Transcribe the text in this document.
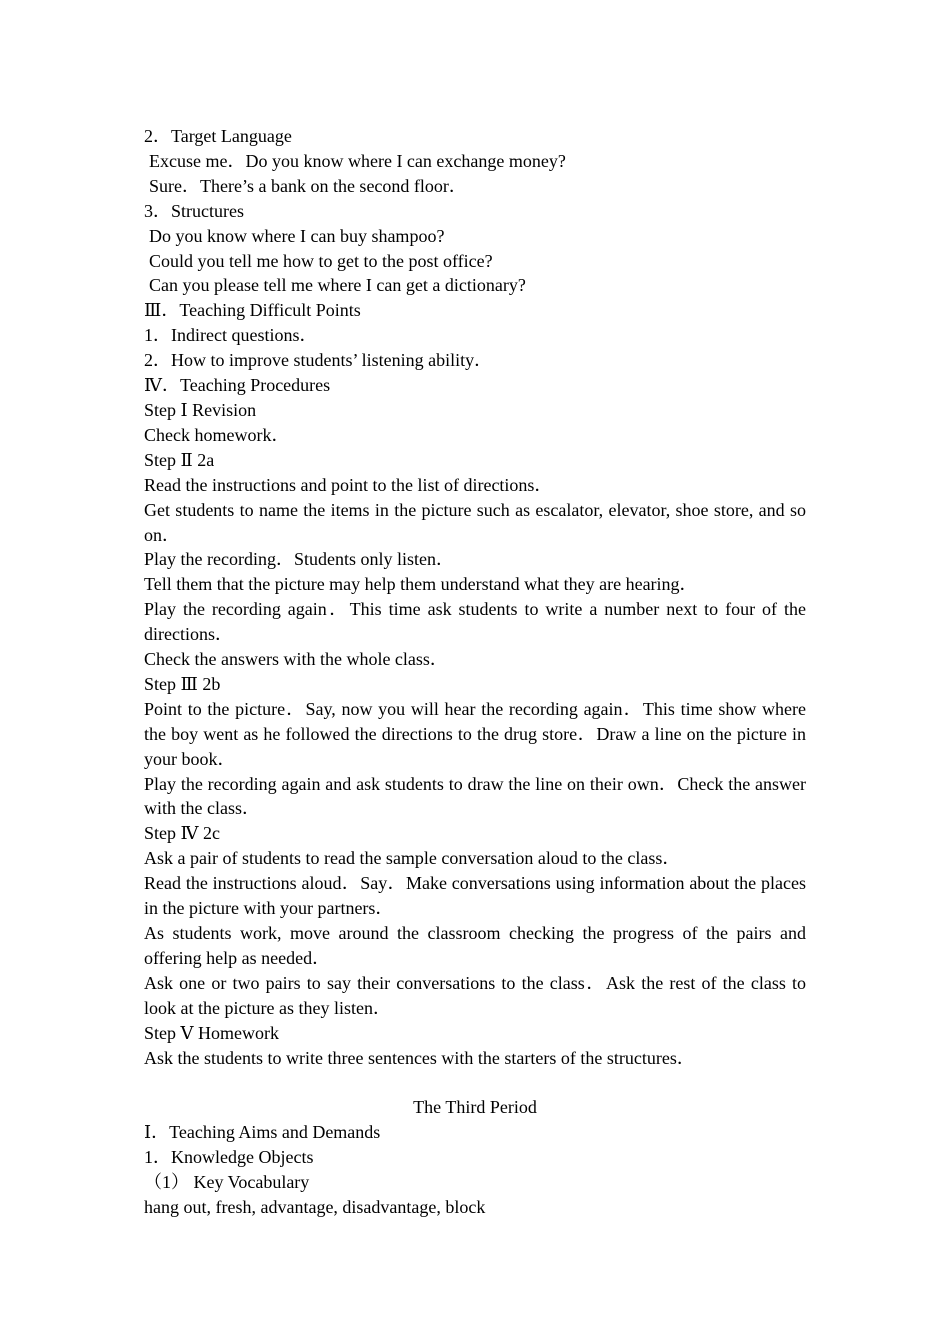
2．Target Language
Excuse me．Do you know where I can exchange money?
Sure．There’s a bank on the second floor．
3．Structures
Do you know where I can buy shampoo?
Could you tell me how to get to the post office?
Can you please tell me where I can get a dictionary?
Ⅲ．Teaching Difficult Points
1．Indirect questions．
2．How to improve students’ listening ability．
Ⅳ．Teaching Procedures
Step Ⅰ Revision
Check homework．
Step Ⅱ 2a
Read the instructions and point to the list of directions．
Get students to name the items in the picture such as escalator, elevator, shoe store, and so on．
Play the recording．Students only listen．
Tell them that the picture may help them understand what they are hearing．
Play the recording again．This time ask students to write a number next to four of the directions．
Check the answers with the whole class．
Step Ⅲ 2b
Point to the picture．Say, now you will hear the recording again．This time show where the boy went as he followed the directions to the drug store．Draw a line on the picture in your book．
Play the recording again and ask students to draw the line on their own．Check the answer with the class．
Step Ⅳ 2c
Ask a pair of students to read the sample conversation aloud to the class．
Read the instructions aloud．Say．Make conversations using information about the places in the picture with your partners．
As students work, move around the classroom checking the progress of the pairs and offering help as needed．
Ask one or two pairs to say their conversations to the class．Ask the rest of the class to look at the picture as they listen．
Step Ⅴ Homework
Ask the students to write three sentences with the starters of the structures．
The Third Period
Ⅰ．Teaching Aims and Demands
1．Knowledge Objects
（1） Key Vocabulary
hang out, fresh, advantage, disadvantage, block
